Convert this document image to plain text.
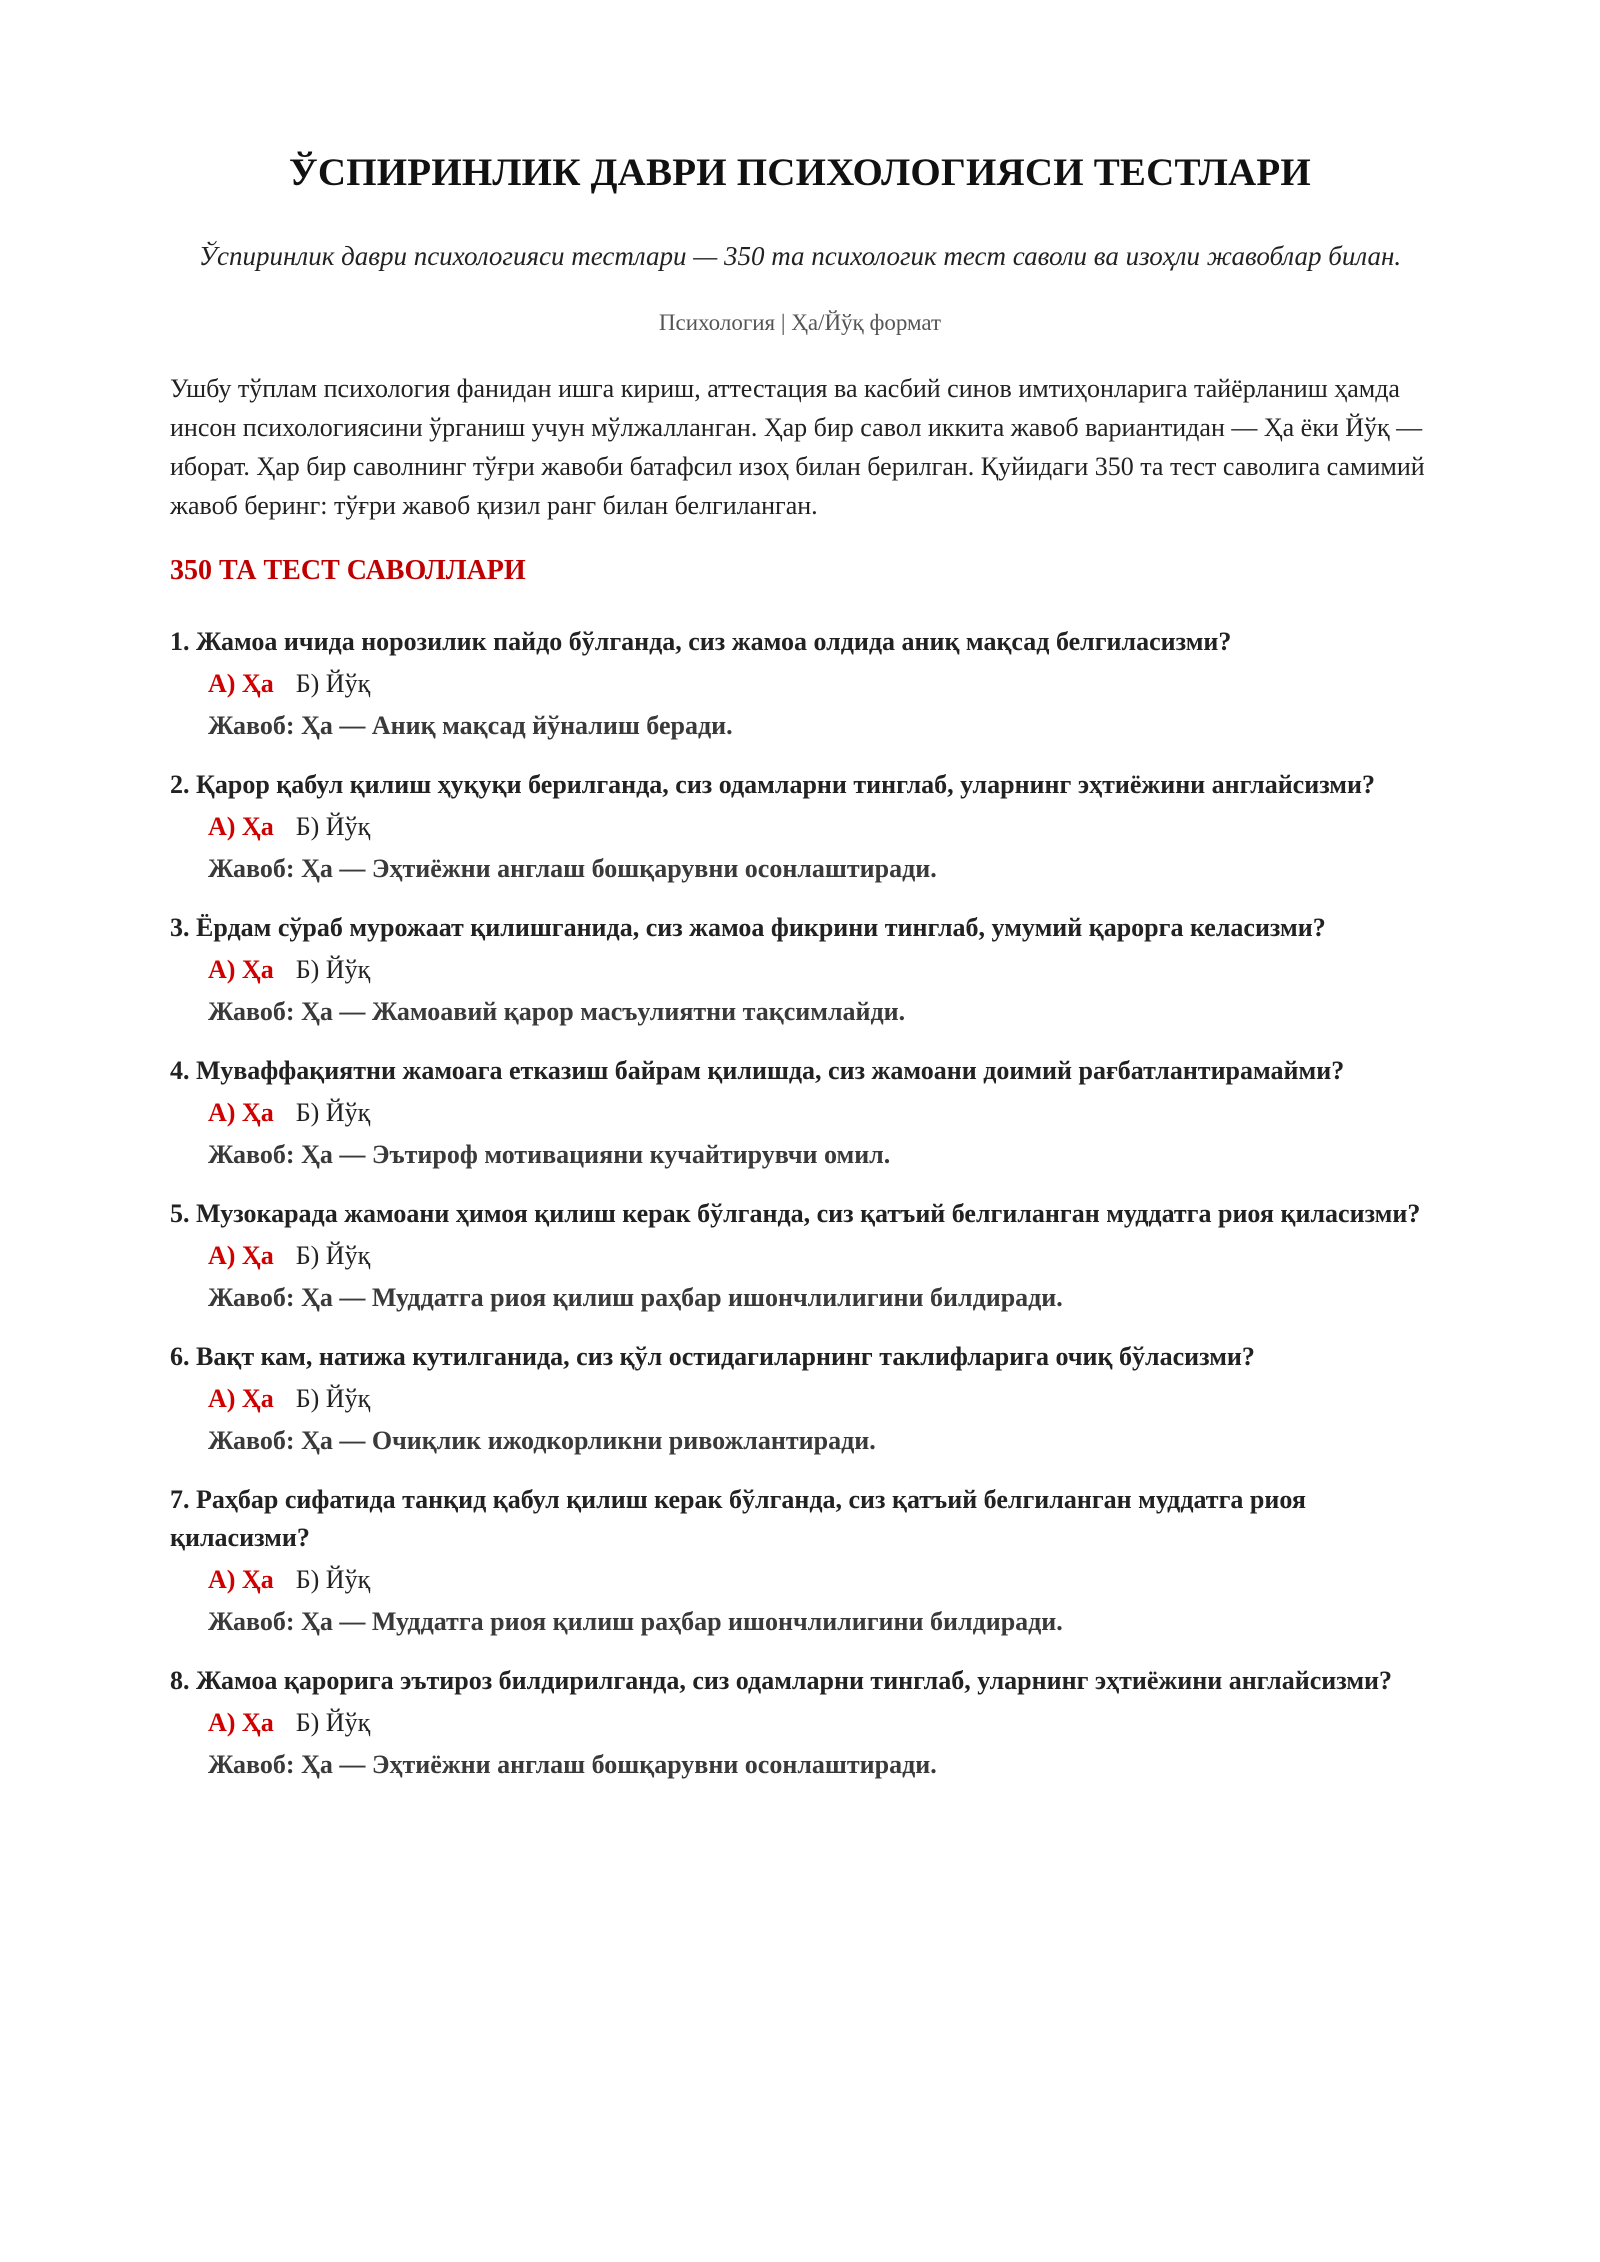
ЎСПИРИНЛИК ДАВРИ ПСИХОЛОГИЯСИ ТЕСТЛАРИ

Ўспиринлик даври психологияси тестлари — 350 та психологик тест саволи ва изоҳли жавоблар билан.

Психология | Ҳа/Йўқ формат

Ушбу тўплам психология фанидан ишга кириш, аттестация ва касбий синов имтиҳонларига тайёрланиш ҳамда инсон психологиясини ўрганиш учун мўлжалланган. Ҳар бир савол иккита жавоб вариантидан — Ҳа ёки Йўқ — иборат. Ҳар бир саволнинг тўғри жавоби батафсил изоҳ билан берилган. Қуйидаги 350 та тест саволига самимий жавоб беринг: тўғри жавоб қизил ранг билан белгиланган.

350 ТА ТЕСТ САВОЛЛАРИ

1. Жамоа ичида норозилик пайдо бўлганда, сиз жамоа олдида аниқ мақсад белгиласизми?

А) Ҳа Б) Йўқ

Жавоб: Ҳа — Аниқ мақсад йўналиш беради.

2. Қарор қабул қилиш ҳуқуқи берилганда, сиз одамларни тинглаб, уларнинг эҳтиёжини англайсизми?

А) Ҳа Б) Йўқ

Жавоб: Ҳа — Эҳтиёжни англаш бошқарувни осонлаштиради.

3. Ёрдам сўраб мурожаат қилишганида, сиз жамоа фикрини тинглаб, умумий қарорга келасизми?

А) Ҳа Б) Йўқ

Жавоб: Ҳа — Жамоавий қарор масъулиятни тақсимлайди.

4. Муваффақиятни жамоага етказиш байрам қилишда, сиз жамоани доимий рағбатлантирамайми?

А) Ҳа Б) Йўқ

Жавоб: Ҳа — Эътироф мотивацияни кучайтирувчи омил.

5. Музокарада жамоани ҳимоя қилиш керак бўлганда, сиз қатъий белгиланган муддатга риоя қиласизми?

А) Ҳа Б) Йўқ

Жавоб: Ҳа — Муддатга риоя қилиш раҳбар ишончлилигини билдиради.

6. Вақт кам, натижа кутилганида, сиз қўл остидагиларнинг таклифларига очиқ бўласизми?

А) Ҳа Б) Йўқ

Жавоб: Ҳа — Очиқлик ижодкорликни ривожлантиради.

7. Раҳбар сифатида танқид қабул қилиш керак бўлганда, сиз қатъий белгиланган муддатга риоя қиласизми?

А) Ҳа Б) Йўқ

Жавоб: Ҳа — Муддатга риоя қилиш раҳбар ишончлилигини билдиради.

8. Жамоа қарорига эътироз билдирилганда, сиз одамларни тинглаб, уларнинг эҳтиёжини англайсизми?

А) Ҳа Б) Йўқ

Жавоб: Ҳа — Эҳтиёжни англаш бошқарувни осонлаштиради.
